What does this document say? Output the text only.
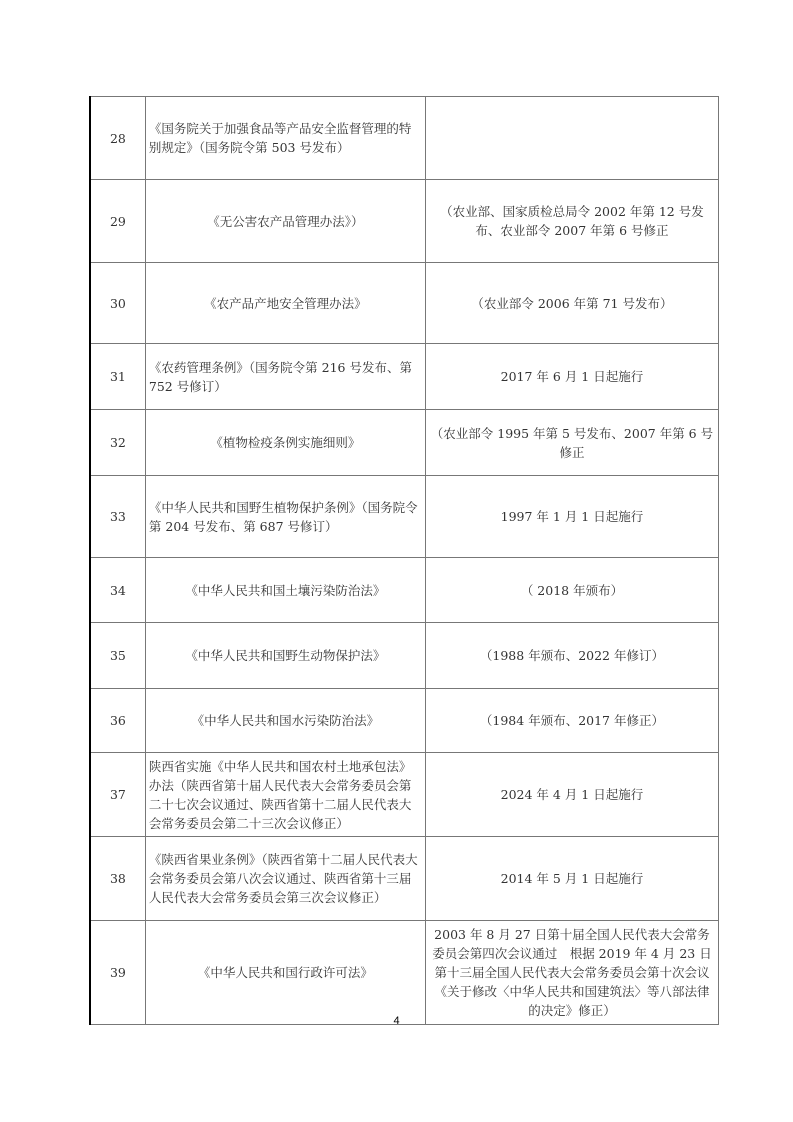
28	《国务院关于加强食品等产品安全监督管理的特别规定》（国务院令第 503 号发布）	
29	《无公害农产品管理办法》）	（农业部、国家质检总局令 2002 年第 12 号发布、农业部令 2007 年第 6 号修正
30	《农产品产地安全管理办法》	（农业部令 2006 年第 71 号发布）
31	《农药管理条例》（国务院令第 216 号发布、第 752 号修订）	2017 年 6 月 1 日起施行
32	《植物检疫条例实施细则》	（农业部令 1995 年第 5 号发布、2007 年第 6 号修正
33	《中华人民共和国野生植物保护条例》（国务院令第 204 号发布、第 687 号修订）	1997 年 1 月 1 日起施行
34	《中华人民共和国土壤污染防治法》	（ 2018 年颁布）
35	《中华人民共和国野生动物保护法》	（1988 年颁布、2022 年修订）
36	《中华人民共和国水污染防治法》	（1984 年颁布、2017 年修正）
37	陕西省实施《中华人民共和国农村土地承包法》办法（陕西省第十届人民代表大会常务委员会第二十七次会议通过、陕西省第十二届人民代表大会常务委员会第二十三次会议修正）	2024 年 4 月 1 日起施行
38	《陕西省果业条例》（陕西省第十二届人民代表大会常务委员会第八次会议通过、陕西省第十三届人民代表大会常务委员会第三次会议修正）	2014 年 5 月 1 日起施行
39	《中华人民共和国行政许可法》	2003 年 8 月 27 日第十届全国人民代表大会常务委员会第四次会议通过　根据 2019 年 4 月 23 日第十三届全国人民代表大会常务委员会第十次会议《关于修改〈中华人民共和国建筑法〉等八部法律的决定》修正）
4
